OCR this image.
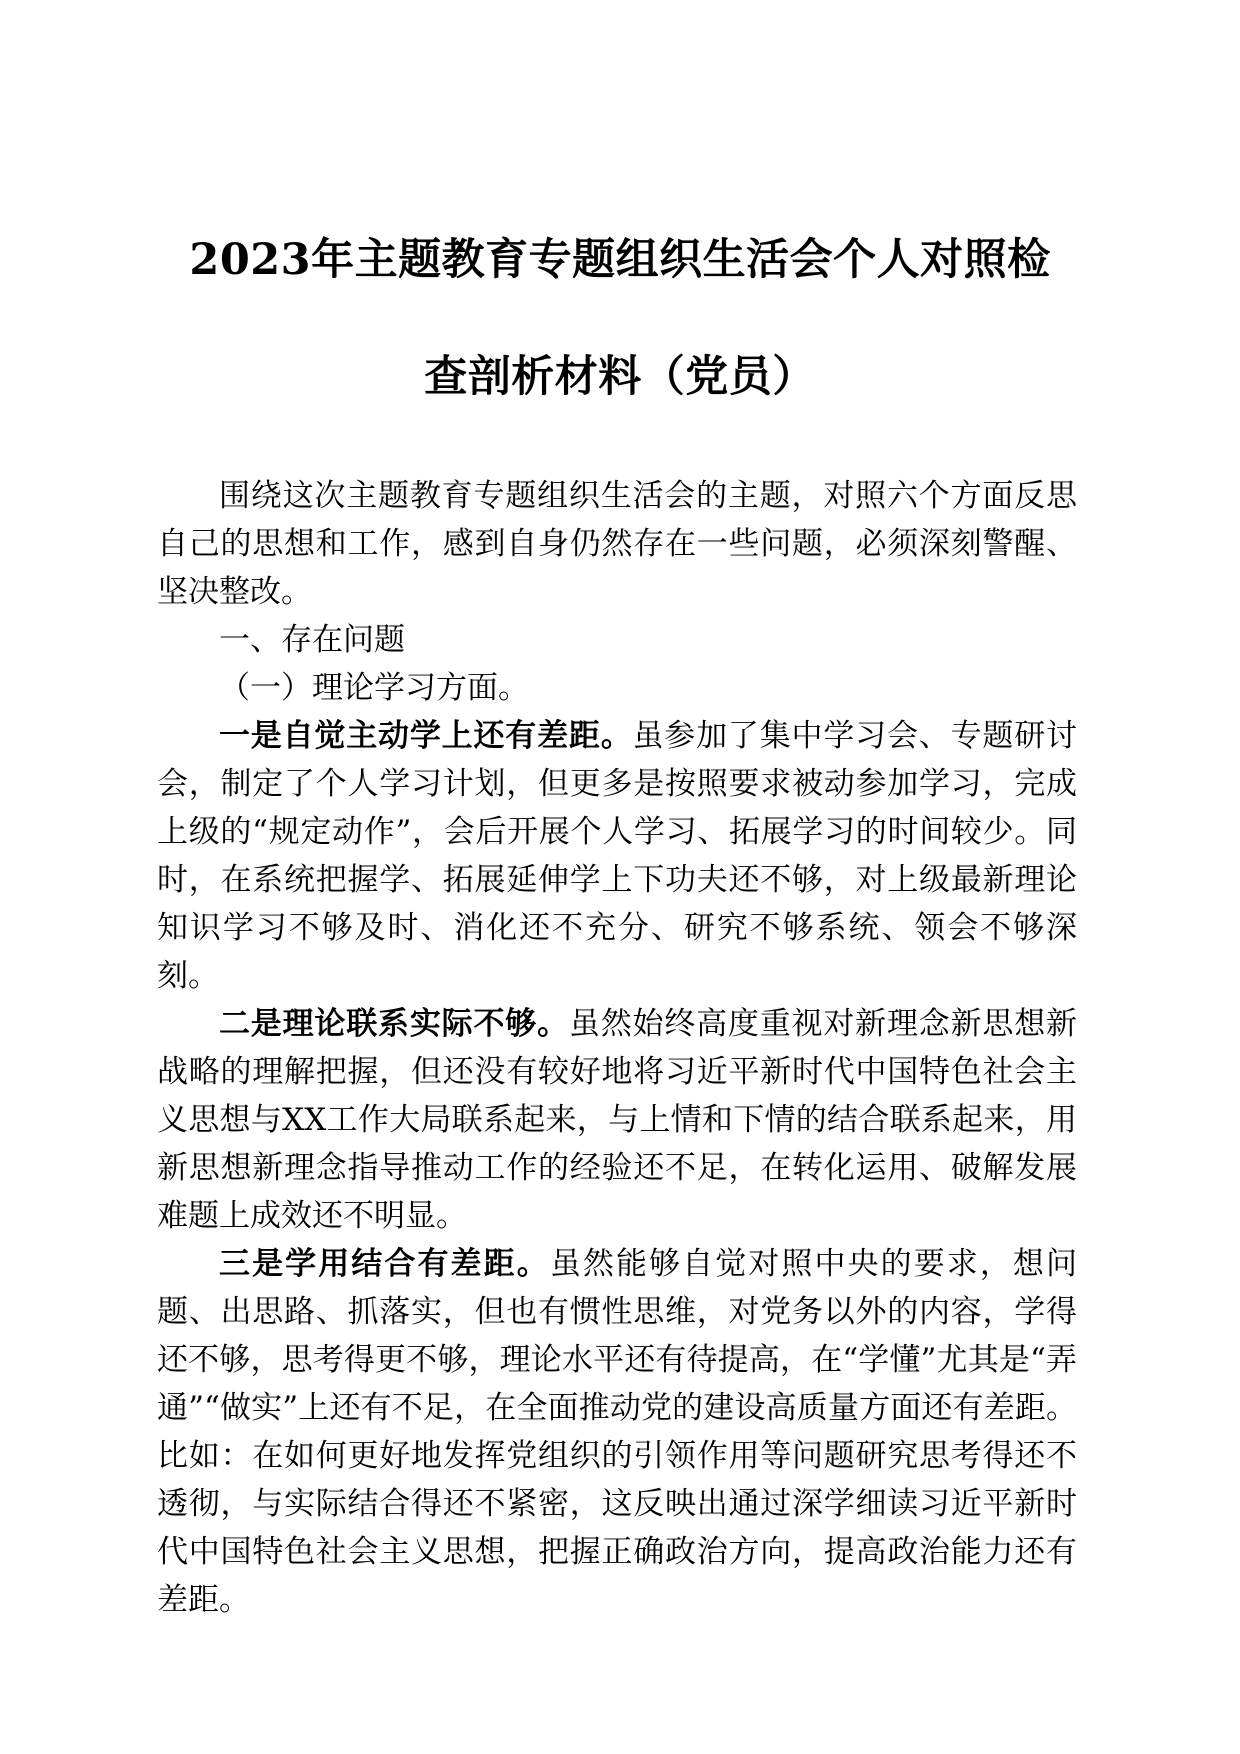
2023年主题教育专题组织生活会个人对照检
查剖析材料（党员）

围绕这次主题教育专题组织生活会的主题，对照六个方面反思自己的思想和工作，感到自身仍然存在一些问题，必须深刻警醒、坚决整改。

一、存在问题

（一）理论学习方面。

一是自觉主动学上还有差距。虽参加了集中学习会、专题研讨会，制定了个人学习计划，但更多是按照要求被动参加学习，完成上级的“规定动作”，会后开展个人学习、拓展学习的时间较少。同时，在系统把握学、拓展延伸学上下功夫还不够，对上级最新理论知识学习不够及时、消化还不充分、研究不够系统、领会不够深刻。

二是理论联系实际不够。虽然始终高度重视对新理念新思想新战略的理解把握，但还没有较好地将习近平新时代中国特色社会主义思想与XX工作大局联系起来，与上情和下情的结合联系起来，用新思想新理念指导推动工作的经验还不足，在转化运用、破解发展难题上成效还不明显。

三是学用结合有差距。虽然能够自觉对照中央的要求，想问题、出思路、抓落实，但也有惯性思维，对党务以外的内容，学得还不够，思考得更不够，理论水平还有待提高，在“学懂”尤其是“弄通”“做实”上还有不足，在全面推动党的建设高质量方面还有差距。比如：在如何更好地发挥党组织的引领作用等问题研究思考得还不透彻，与实际结合得还不紧密，这反映出通过深学细读习近平新时代中国特色社会主义思想，把握正确政治方向，提高政治能力还有差距。
